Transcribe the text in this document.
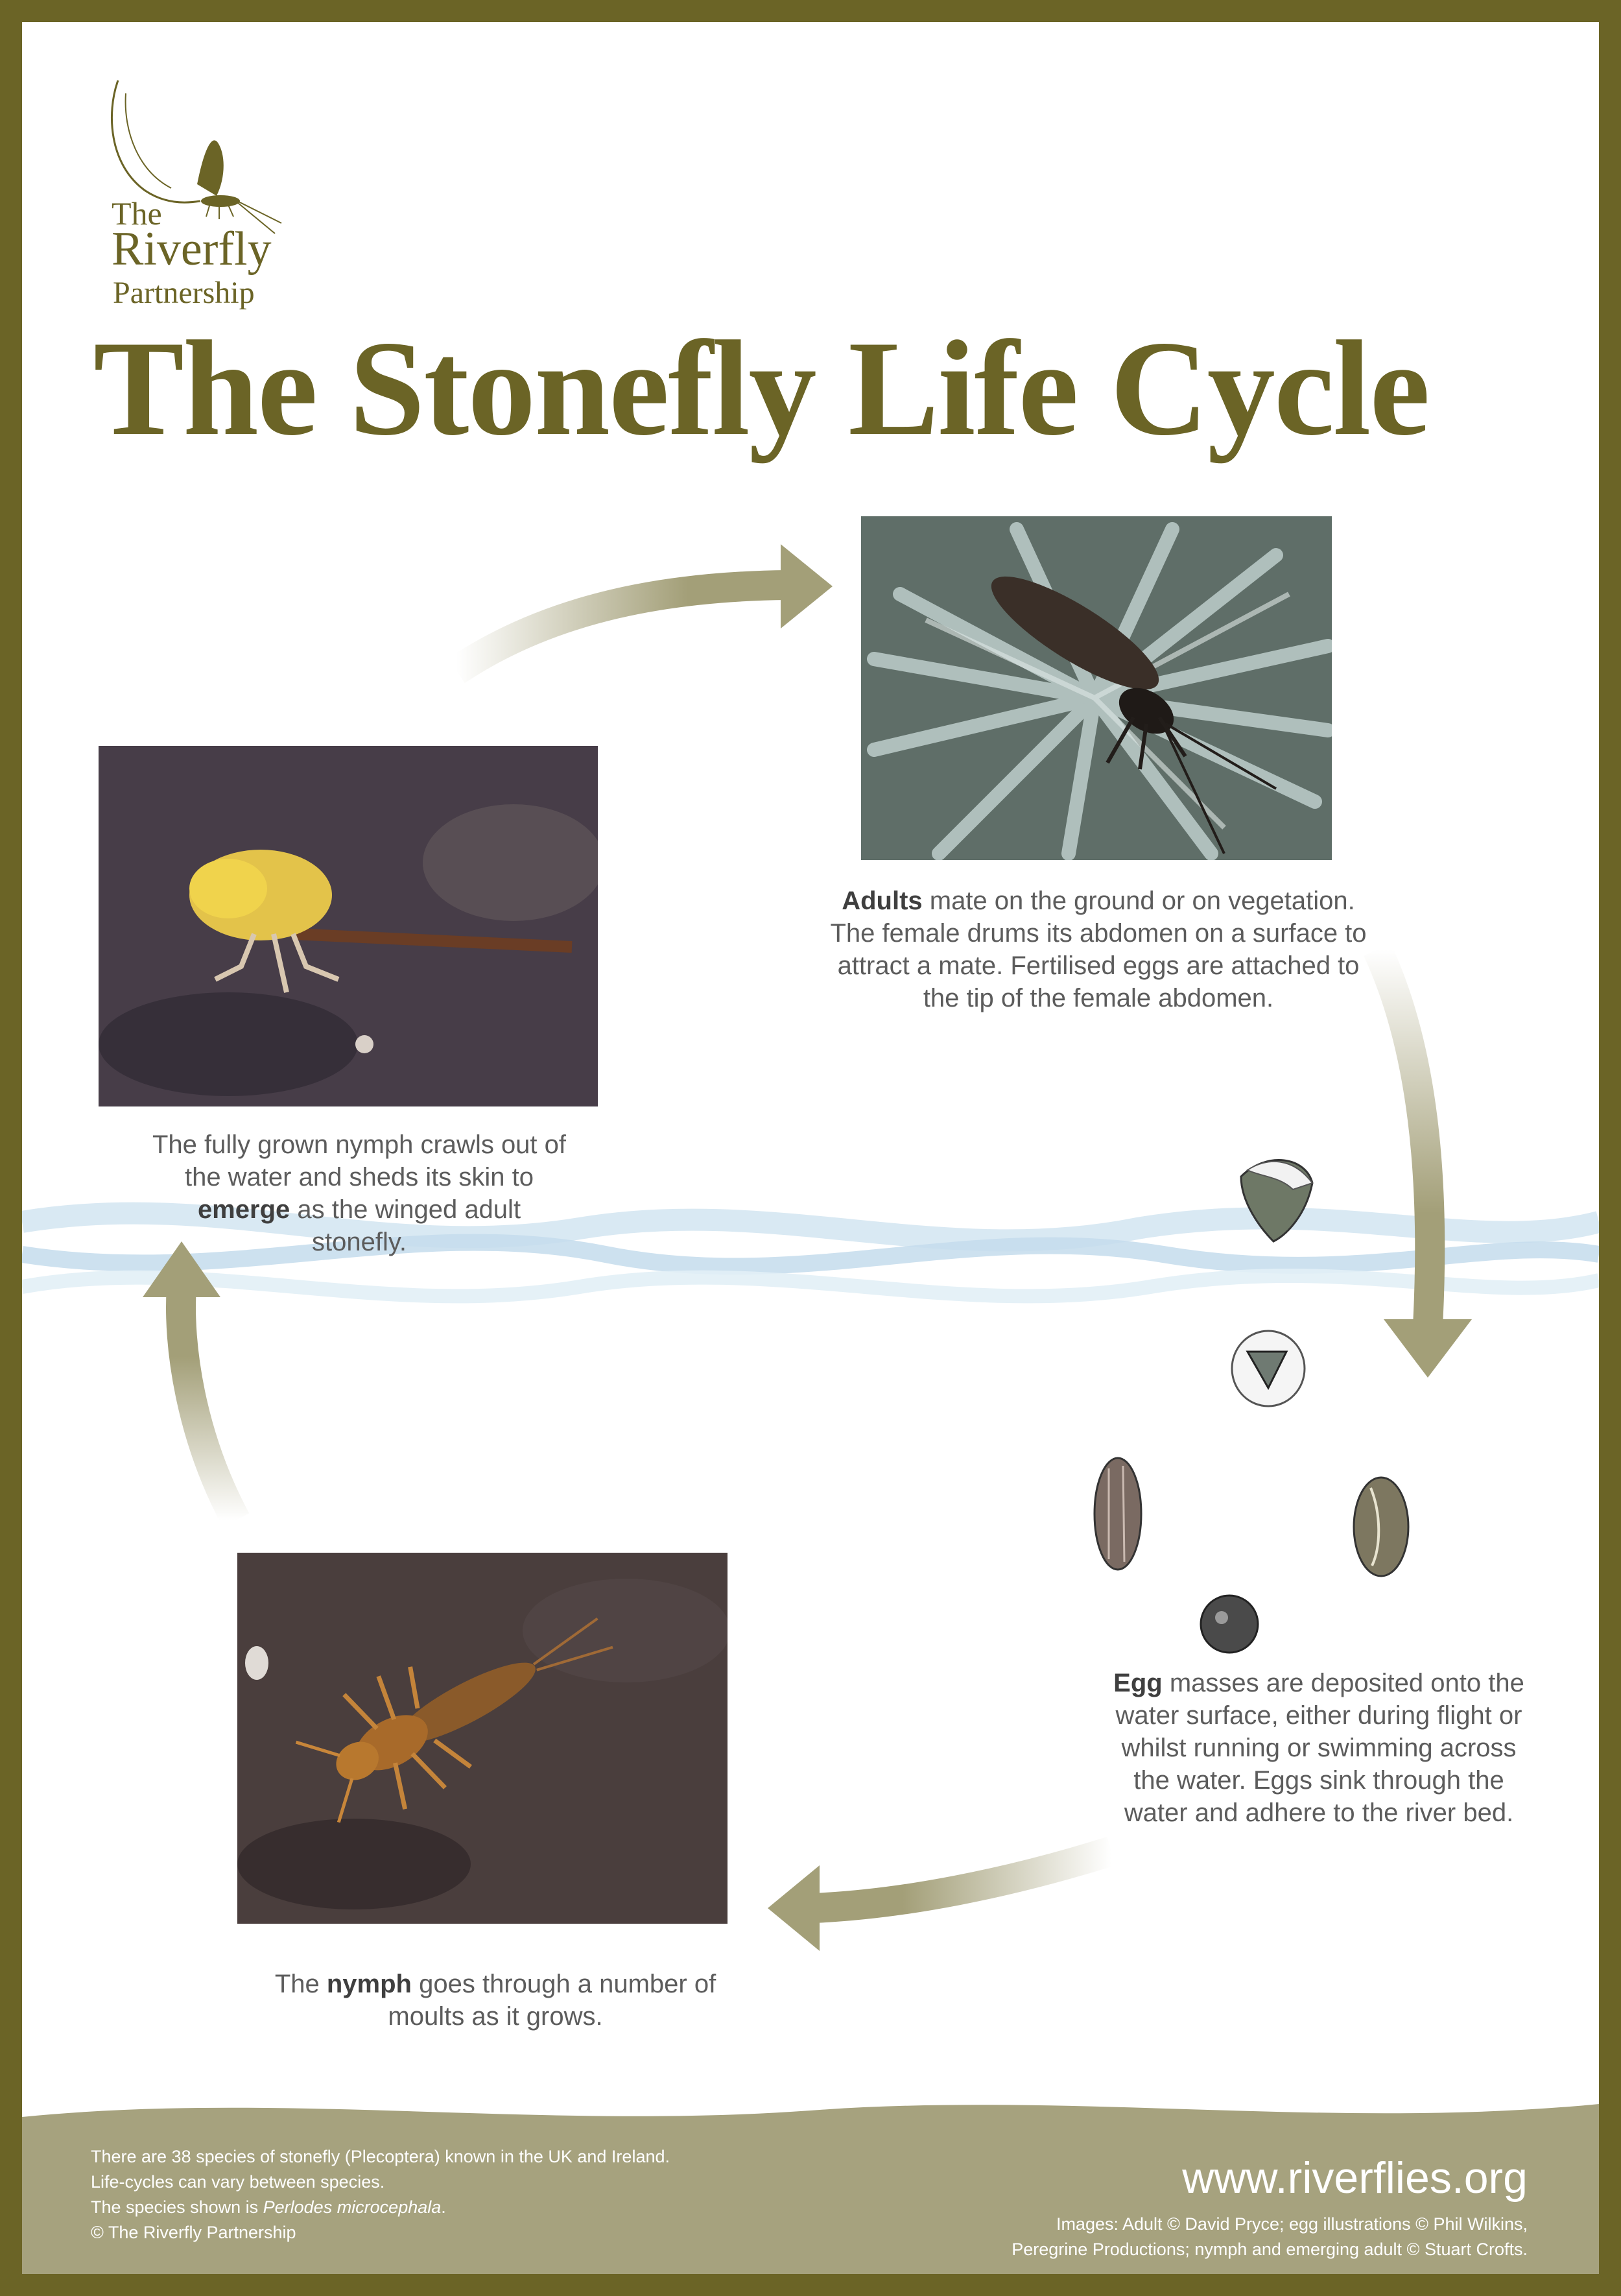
The
Riverfly
Partnership
The Stonefly Life Cycle
Adults mate on the ground or on vegetation. The female drums its abdomen on a surface to attract a mate. Fertilised eggs are attached to the tip of the female abdomen.
The fully grown nymph crawls out of the water and sheds its skin to emerge as the winged adult stonefly.
Egg masses are deposited onto the water surface, either during flight or whilst running or swimming across the water. Eggs sink through the water and adhere to the river bed.
The nymph goes through a number of moults as it grows.
There are 38 species of stonefly (Plecoptera) known in the UK and Ireland.
Life-cycles can vary between species.
The species shown is Perlodes microcephala.
© The Riverfly Partnership
www.riverflies.org
Images: Adult © David Pryce; egg illustrations © Phil Wilkins,
Peregrine Productions; nymph and emerging adult © Stuart Crofts.
